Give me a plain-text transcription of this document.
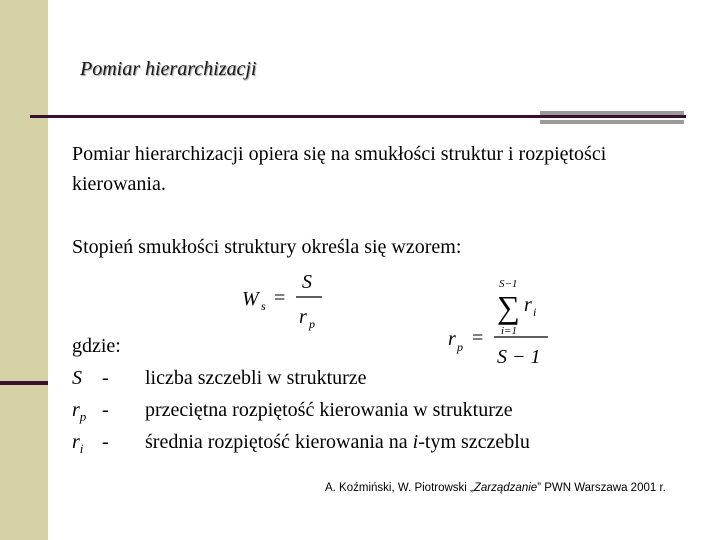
Pomiar hierarchizacji
Pomiar hierarchizacji opiera się na smukłości struktur i rozpiętości kierowania.
Stopień smukłości struktury określa się wzorem:
W s =
S
r p
r p =
S−1
∑ r i
i=1
S − 1
gdzie:
S - liczba szczebli w strukturze
$r_p$ - przeciętna rozpiętość kierowania w strukturze
$r_i$ - średnia rozpiętość kierowania na i-tym szczeblu
A. Koźmiński, W. Piotrowski „Zarządzanie” PWN Warszawa 2001 r.
